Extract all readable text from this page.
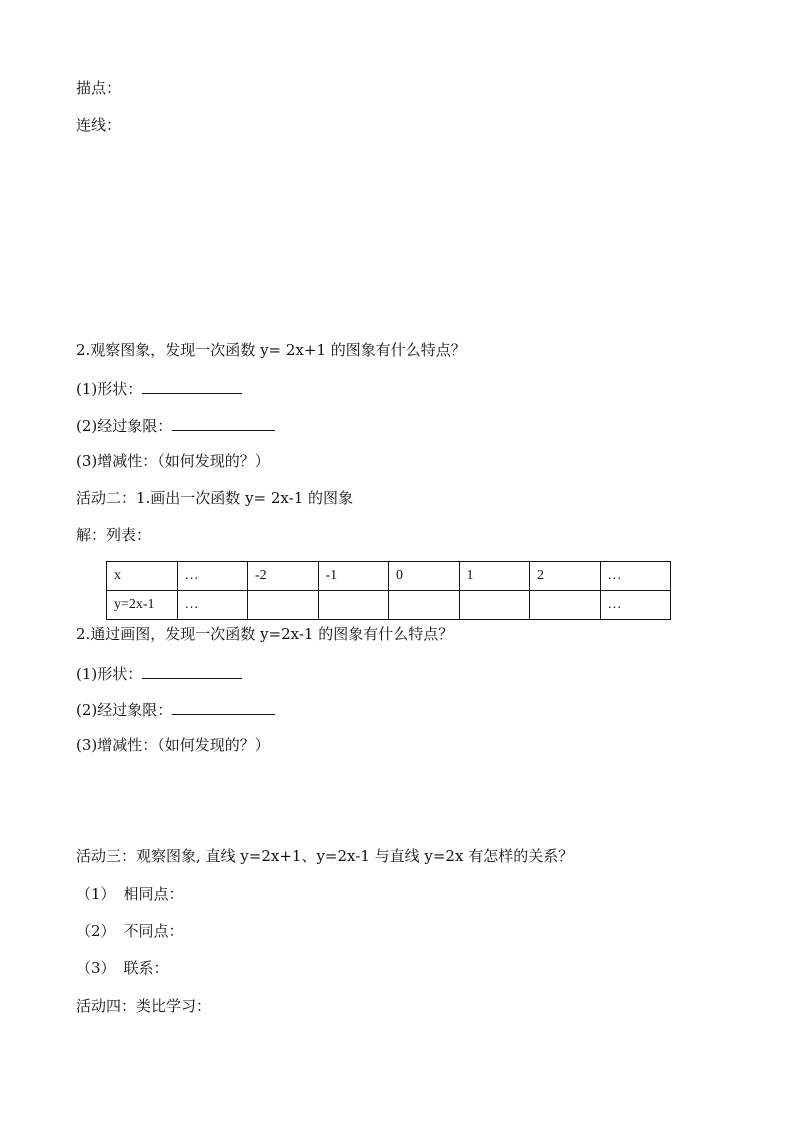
描点：
连线：
2.观察图象，发现一次函数 y= 2x+1 的图象有什么特点？
(1)形状：
(2)经过象限：
(3)增减性：（如何发现的？）
活动二：1.画出一次函数 y= 2x-1 的图象
解：列表：
x	…	-2	-1	0	1	2	…
y=2x-1	…						…
2.通过画图，发现一次函数 y=2x-1 的图象有什么特点？
(1)形状：
(2)经过象限：
(3)增减性：（如何发现的？）
活动三：观察图象, 直线 y=2x+1、y=2x-1 与直线 y=2x 有怎样的关系？
（1） 相同点：
（2） 不同点：
（3） 联系：
活动四：类比学习：
